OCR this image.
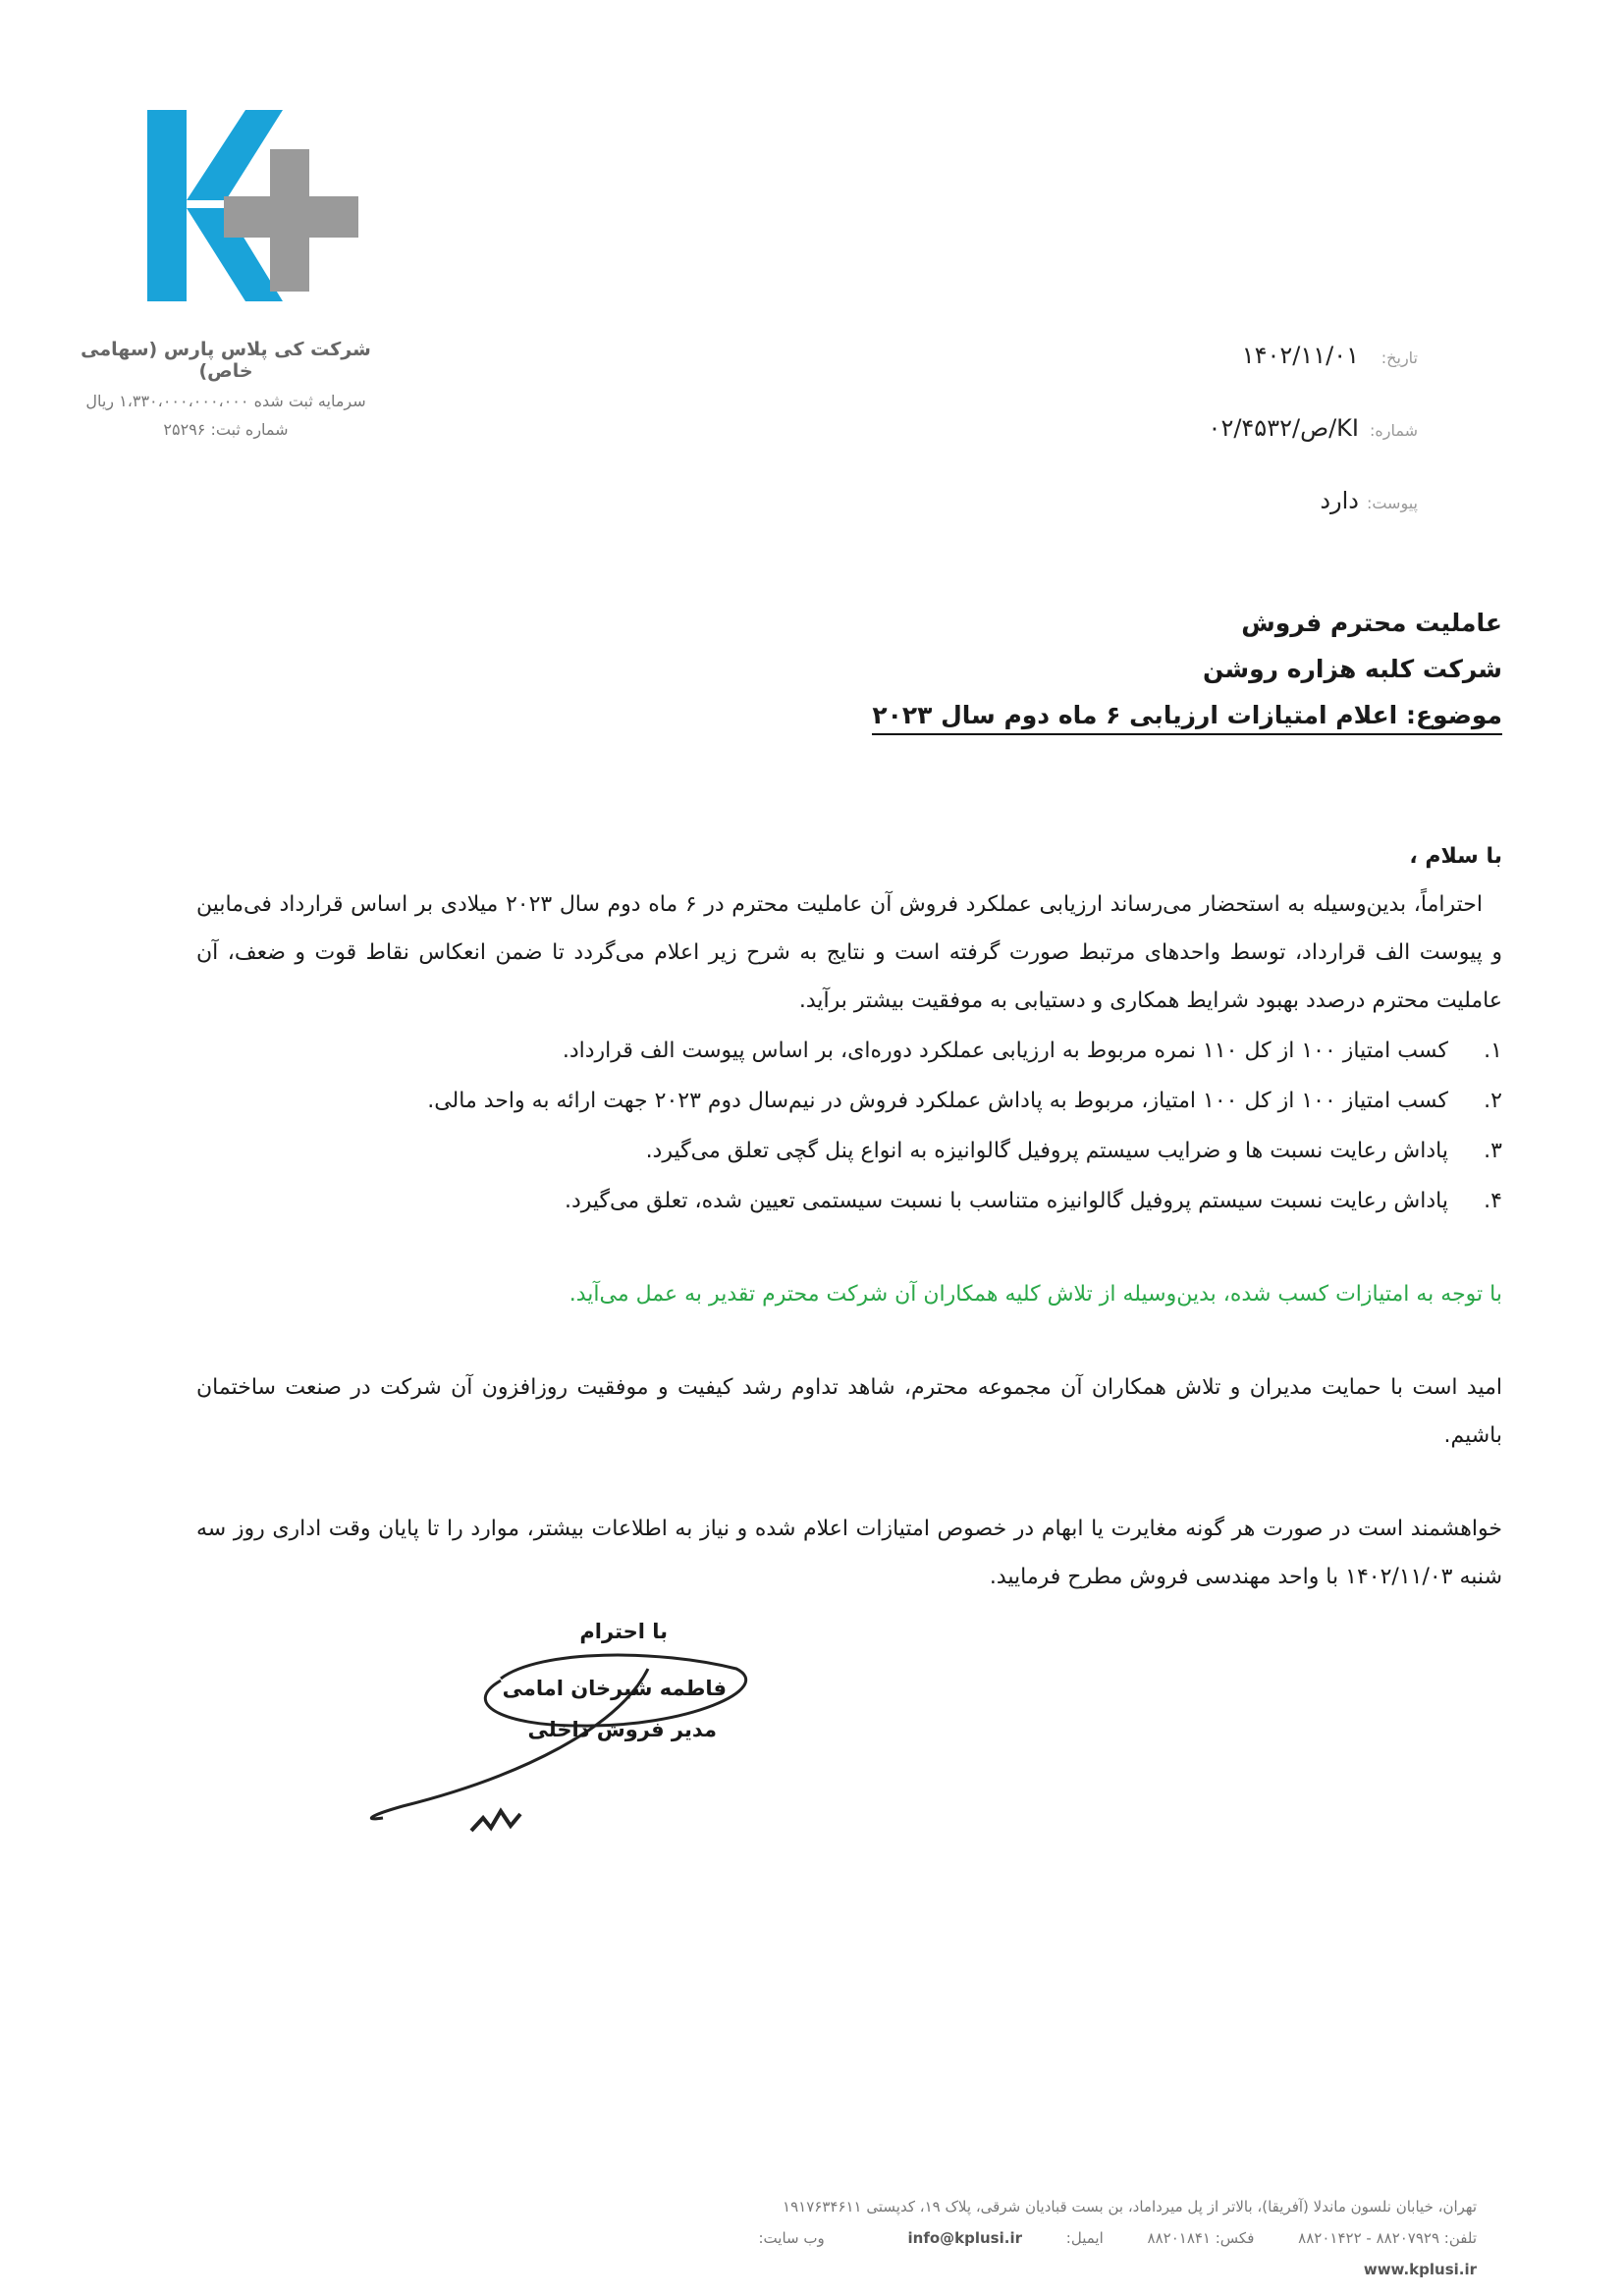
شرکت کی پلاس پارس (سهامی خاص)
سرمایه ثبت شده ۱،۳۳۰،۰۰۰،۰۰۰،۰۰۰ ریال
شماره ثبت: ۲۵۲۹۶
تاریخ:
۱۴۰۲/۱۱/۰۱
شماره:
KI/ص/۰۲/۴۵۳۲
پیوست:
دارد
عاملیت محترم فروش
شرکت کلبه هزاره روشن
موضوع: اعلام امتیازات ارزیابی ۶ ماه دوم سال ۲۰۲۳
با سلام ،

احتراماً، بدین‌وسیله به استحضار می‌رساند ارزیابی عملکرد فروش آن عاملیت محترم در ۶ ماه دوم سال ۲۰۲۳ میلادی بر اساس قرارداد فی‌مابین و پیوست الف قرارداد، توسط واحدهای مرتبط صورت گرفته است و نتایج به شرح زیر اعلام می‌گردد تا ضمن انعکاس نقاط قوت و ضعف، آن عاملیت محترم درصدد بهبود شرایط همکاری و دستیابی به موفقیت بیشتر برآید.

۱.
کسب امتیاز ۱۰۰ از کل ۱۱۰ نمره مربوط به ارزیابی عملکرد دوره‌ای، بر اساس پیوست الف قرارداد.
۲.
کسب امتیاز ۱۰۰ از کل ۱۰۰ امتیاز، مربوط به پاداش عملکرد فروش در نیم‌سال دوم ۲۰۲۳ جهت ارائه به واحد مالی.
۳.
پاداش رعایت نسبت ها و ضرایب سیستم پروفیل گالوانیزه به انواع پنل گچی تعلق می‌گیرد.
۴.
پاداش رعایت نسبت سیستم پروفیل گالوانیزه متناسب با نسبت سیستمی تعیین شده، تعلق می‌گیرد.
با توجه به امتیازات کسب شده، بدین‌وسیله از تلاش کلیه همکاران آن شرکت محترم تقدیر به عمل می‌آید.
امید است با حمایت مدیران و تلاش همکاران آن مجموعه محترم، شاهد تداوم رشد کیفیت و موفقیت روزافزون آن شرکت در صنعت ساختمان باشیم.
خواهشمند است در صورت هر گونه مغایرت یا ابهام در خصوص امتیازات اعلام شده و نیاز به اطلاعات بیشتر، موارد را تا پایان وقت اداری روز سه شنبه ۱۴۰۲/۱۱/۰۳ با واحد مهندسی فروش مطرح فرمایید.
با احترام
فاطمه شیرخان امامی
مدیر فروش داخلی
تهران، خیابان نلسون ماندلا (آفریقا)، بالاتر از پل میرداماد، بن بست قبادیان شرقی، پلاک ۱۹، کدپستی ۱۹۱۷۶۳۴۶۱۱
تلفن: ۸۸۲۰۷۹۲۹ - ۸۸۲۰۱۴۲۲ فکس: ۸۸۲۰۱۸۴۱ ایمیل: info@kplusi.ir وب سایت: www.kplusi.ir
